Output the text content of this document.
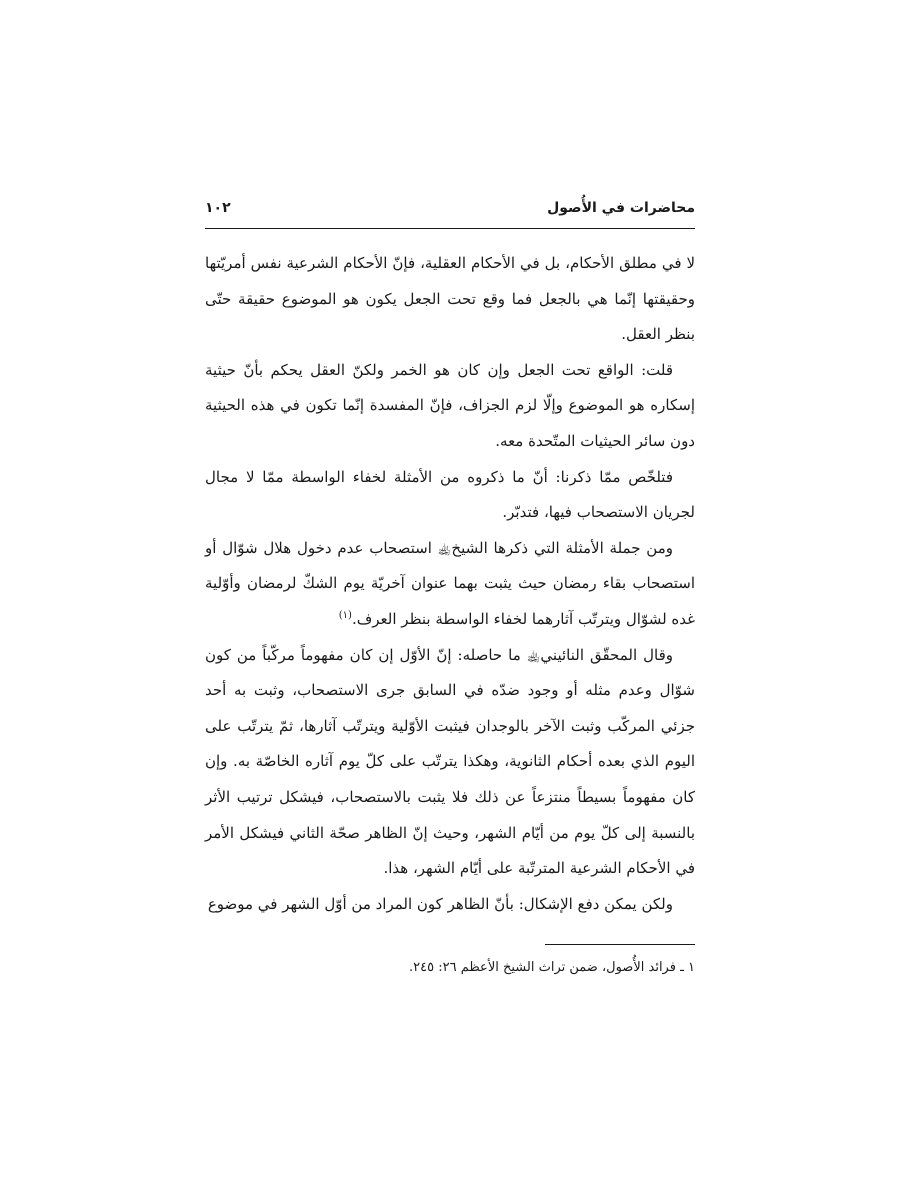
محاضرات في الأُصول
١٠٢

لا في مطلق الأحكام، بل في الأحكام العقلية، فإنّ الأحكام الشرعية نفس أمريّتها وحقيقتها إنّما هي بالجعل فما وقع تحت الجعل يكون هو الموضوع حقيقة حتّى بنظر العقل.

قلت: الواقع تحت الجعل وإن كان هو الخمر ولكنّ العقل يحكم بأنّ حيثية إسكاره هو الموضوع وإلّا لزم الجزاف، فإنّ المفسدة إنّما تكون في هذه الحيثية دون سائر الحيثيات المتّحدة معه.

فتلخّص ممّا ذكرنا: أنّ ما ذكروه من الأمثلة لخفاء الواسطة ممّا لا مجال لجريان الاستصحاب فيها، فتدبّر.

ومن جملة الأمثلة التي ذكرها الشيخ﵀ استصحاب عدم دخول هلال شوّال أو استصحاب بقاء رمضان حيث يثبت بهما عنوان آخريّة يوم الشكّ لرمضان وأوّلية غده لشوّال ويترتّب آثارهما لخفاء الواسطة بنظر العرف.$^{(١)}$

وقال المحقّق النائيني﵀ ما حاصله: إنّ الأوّل إن كان مفهوماً مركّباً من كون شوّال وعدم مثله أو وجود ضدّه في السابق جرى الاستصحاب، وثبت به أحد جزئي المركّب وثبت الآخر بالوجدان فيثبت الأوّلية ويترتّب آثارها، ثمّ يترتّب على اليوم الذي بعده أحكام الثانوية، وهكذا يترتّب على كلّ يوم آثاره الخاصّة به. وإن كان مفهوماً بسيطاً منتزعاً عن ذلك فلا يثبت بالاستصحاب، فيشكل ترتيب الأثر بالنسبة إلى كلّ يوم من أيّام الشهر، وحيث إنّ الظاهر صحّة الثاني فيشكل الأمر في الأحكام الشرعية المترتّبة على أيّام الشهر، هذا.

ولكن يمكن دفع الإشكال: بأنّ الظاهر كون المراد من أوّل الشهر في موضوع

١ ـ فرائد الأُصول، ضمن تراث الشيخ الأعظم ٢٦: ٢٤٥.
